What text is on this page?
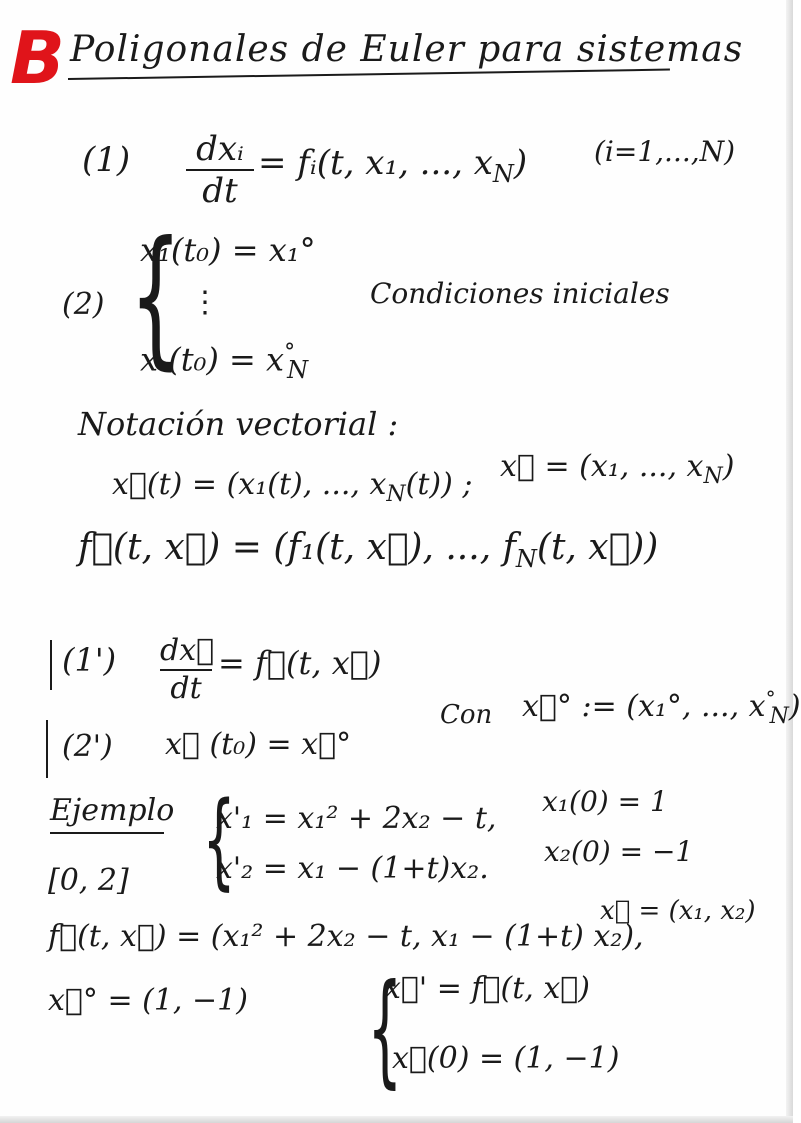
B Poligonales de Euler para sistemas
(1) dxᵢ
dt
= fᵢ(t, x₁, ..., $x_N$) (i=1,...,N)
(2) {
x₁(t₀) = x₁°
⋮
x $(t_0) = x^\circ_N$
Condiciones iniciales
Notación vectorial :
x⃗(t) = (x₁(t), ..., $x_N(t)$) ;
x⃗ = (x₁, ..., $x_N$)
f⃗(t, x⃗) = (f₁(t, x⃗), ..., $f_N(t$, x⃗))
(1') dx⃗
dt
= f⃗(t, x⃗)
(2') x⃗ (t₀) = x⃗°
Con x⃗° := (x₁°, ..., $x^\circ_N$)
Ejemplo
[0, 2] {
x'₁ = x₁² + 2x₂ − t,
x'₂ = x₁ − (1+t)x₂.
x₁(0) = 1
x₂(0) = −1
f⃗(t, x⃗) = (x₁² + 2x₂ − t, x₁ − (1+t) x₂),
x⃗ = (x₁, x₂)
x⃗° = (1, −1) {
x⃗' = f⃗(t, x⃗)
x⃗(0) = (1, −1)
